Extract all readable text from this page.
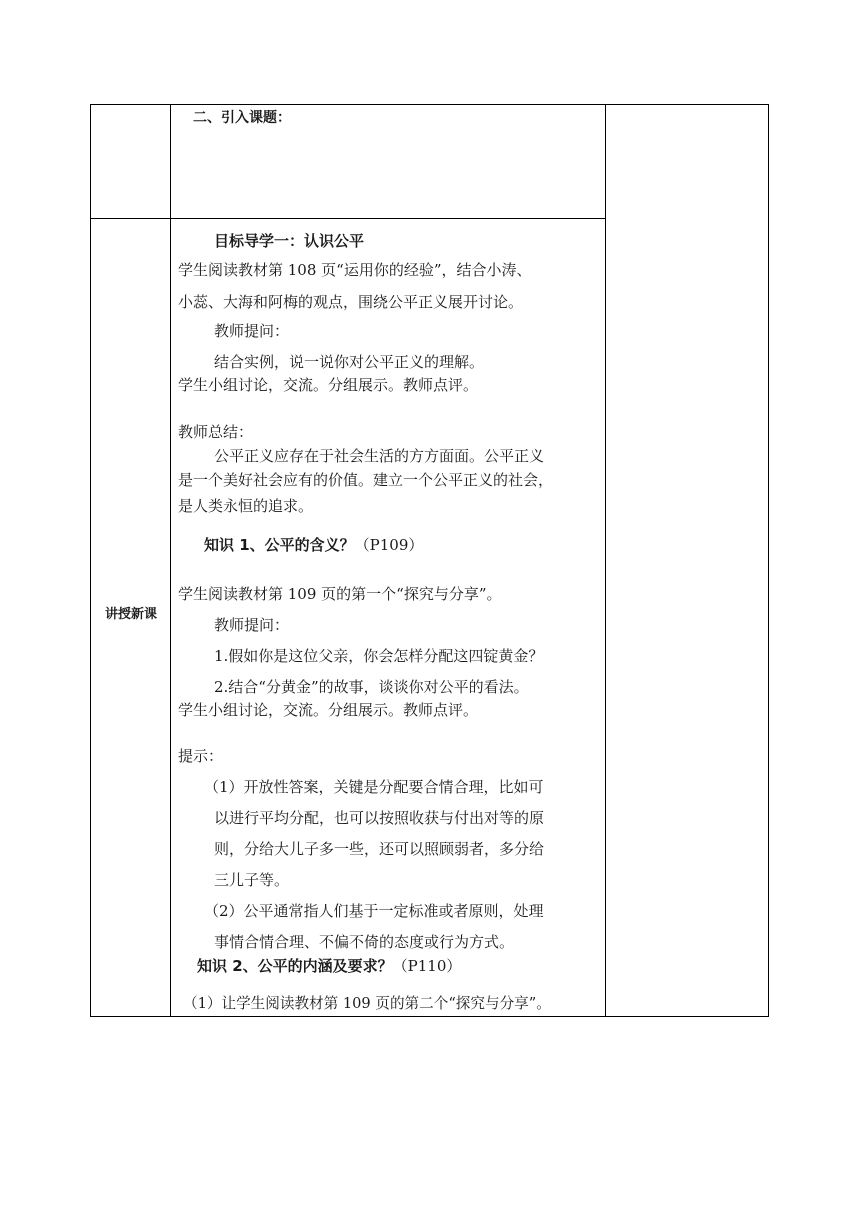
讲授新课
二、引入课题：
目标导学一：认识公平
学生阅读教材第 108 页“运用你的经验”，结合小涛、
小蕊、大海和阿梅的观点，围绕公平正义展开讨论。
教师提问：
结合实例，说一说你对公平正义的理解。
学生小组讨论，交流。分组展示。教师点评。
教师总结：
公平正义应存在于社会生活的方方面面。公平正义
是一个美好社会应有的价值。建立一个公平正义的社会，
是人类永恒的追求。
知识 1、公平的含义？（P109）
学生阅读教材第 109 页的第一个“探究与分享”。
教师提问：
1.假如你是这位父亲，你会怎样分配这四锭黄金？
2.结合“分黄金”的故事，谈谈你对公平的看法。
学生小组讨论，交流。分组展示。教师点评。
提示：
（1）开放性答案，关键是分配要合情合理，比如可
以进行平均分配，也可以按照收获与付出对等的原
则，分给大儿子多一些，还可以照顾弱者，多分给
三儿子等。
（2）公平通常指人们基于一定标准或者原则，处理
事情合情合理、不偏不倚的态度或行为方式。
知识 2、公平的内涵及要求？（P110）
（1）让学生阅读教材第 109 页的第二个“探究与分享”。
